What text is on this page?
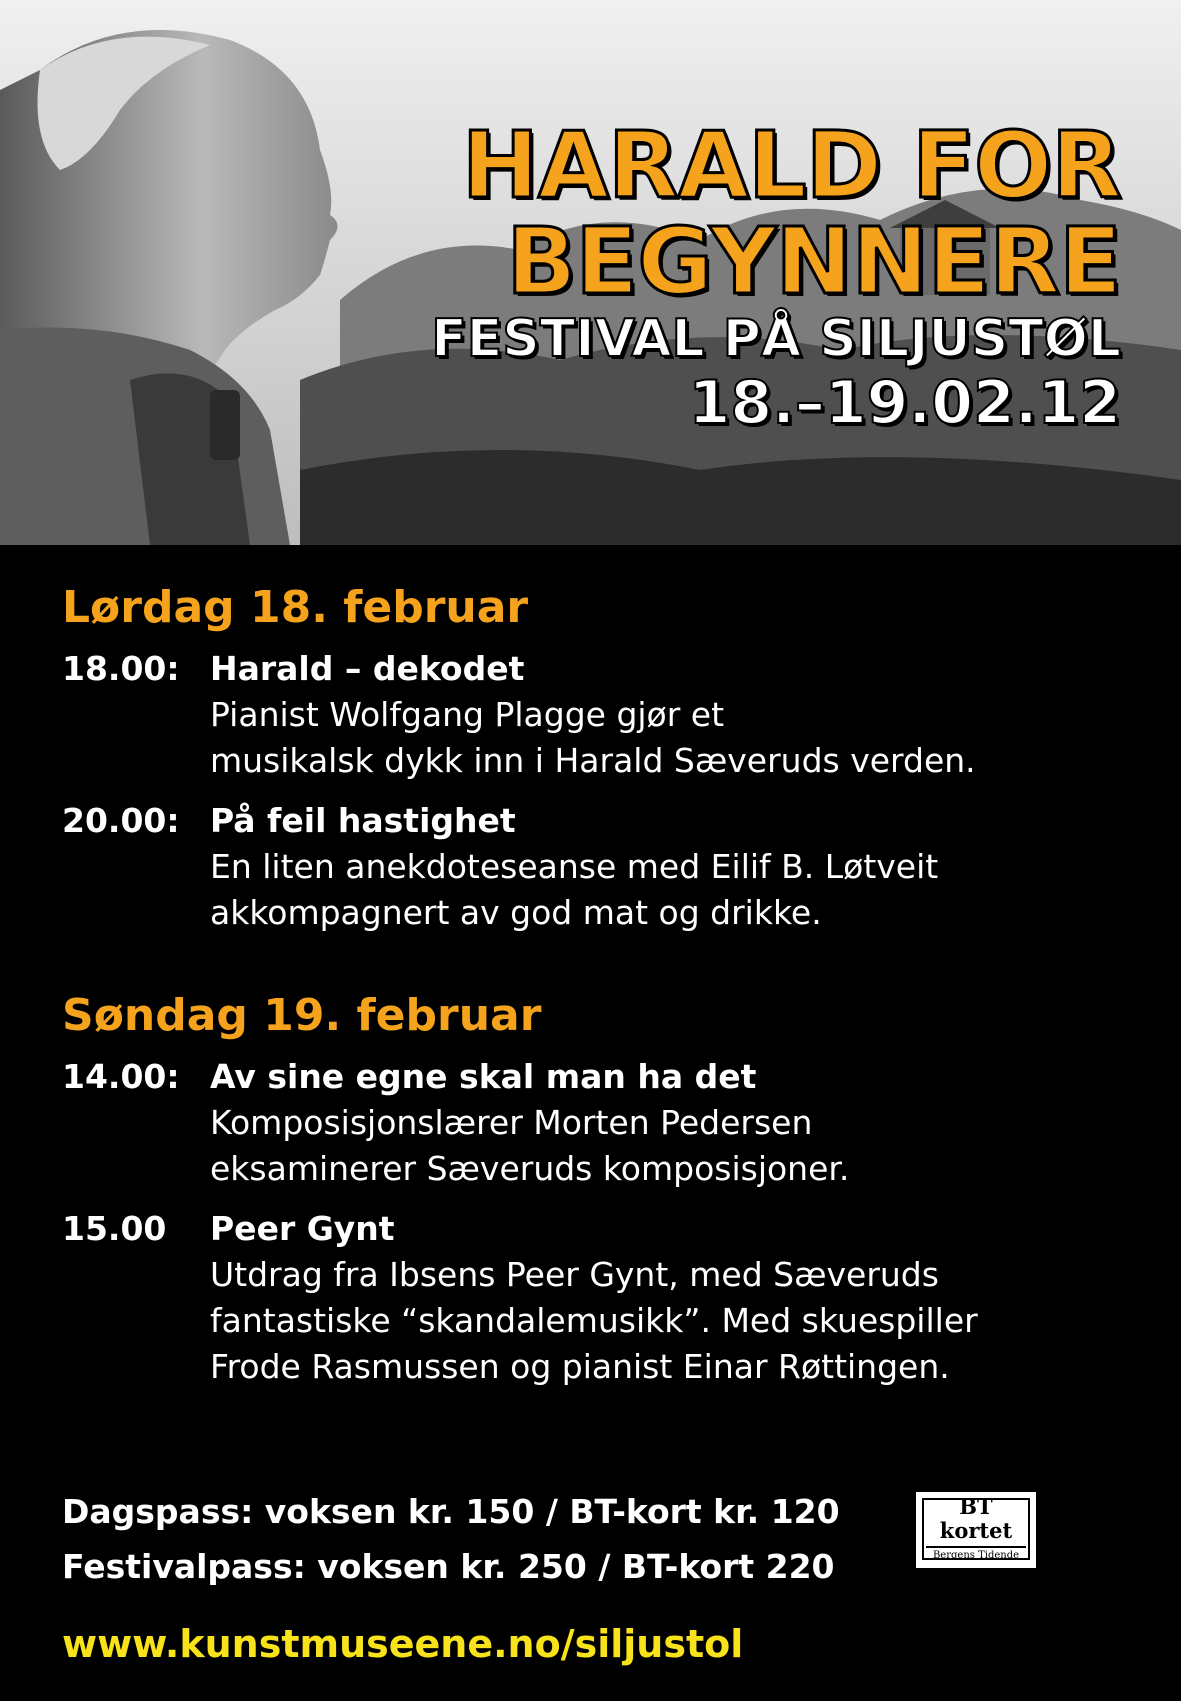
HARALD FOR
BEGYNNERE
FESTIVAL PÅ SILJUSTØL
18.–19.02.12
Lørdag 18. februar
18.00: Harald – dekodet
Pianist Wolfgang Plagge gjør et
musikalsk dykk inn i Harald Sæveruds verden.
20.00: På feil hastighet
En liten anekdoteseanse med Eilif B. Løtveit
akkompagnert av god mat og drikke.
Søndag 19. februar
14.00: Av sine egne skal man ha det
Komposisjonslærer Morten Pedersen
eksaminerer Sæveruds komposisjoner.
15.00	Peer Gynt
Utdrag fra Ibsens Peer Gynt, med Sæveruds
fantastiske “skandalemusikk”. Med skuespiller
Frode Rasmussen og pianist Einar Røttingen.
Dagspass: voksen kr. 150 / BT-kort kr. 120
Festivalpass: voksen kr. 250 / BT-kort 220
BT kortet
Bergens Tidende
www.kunstmuseene.no/siljustol
